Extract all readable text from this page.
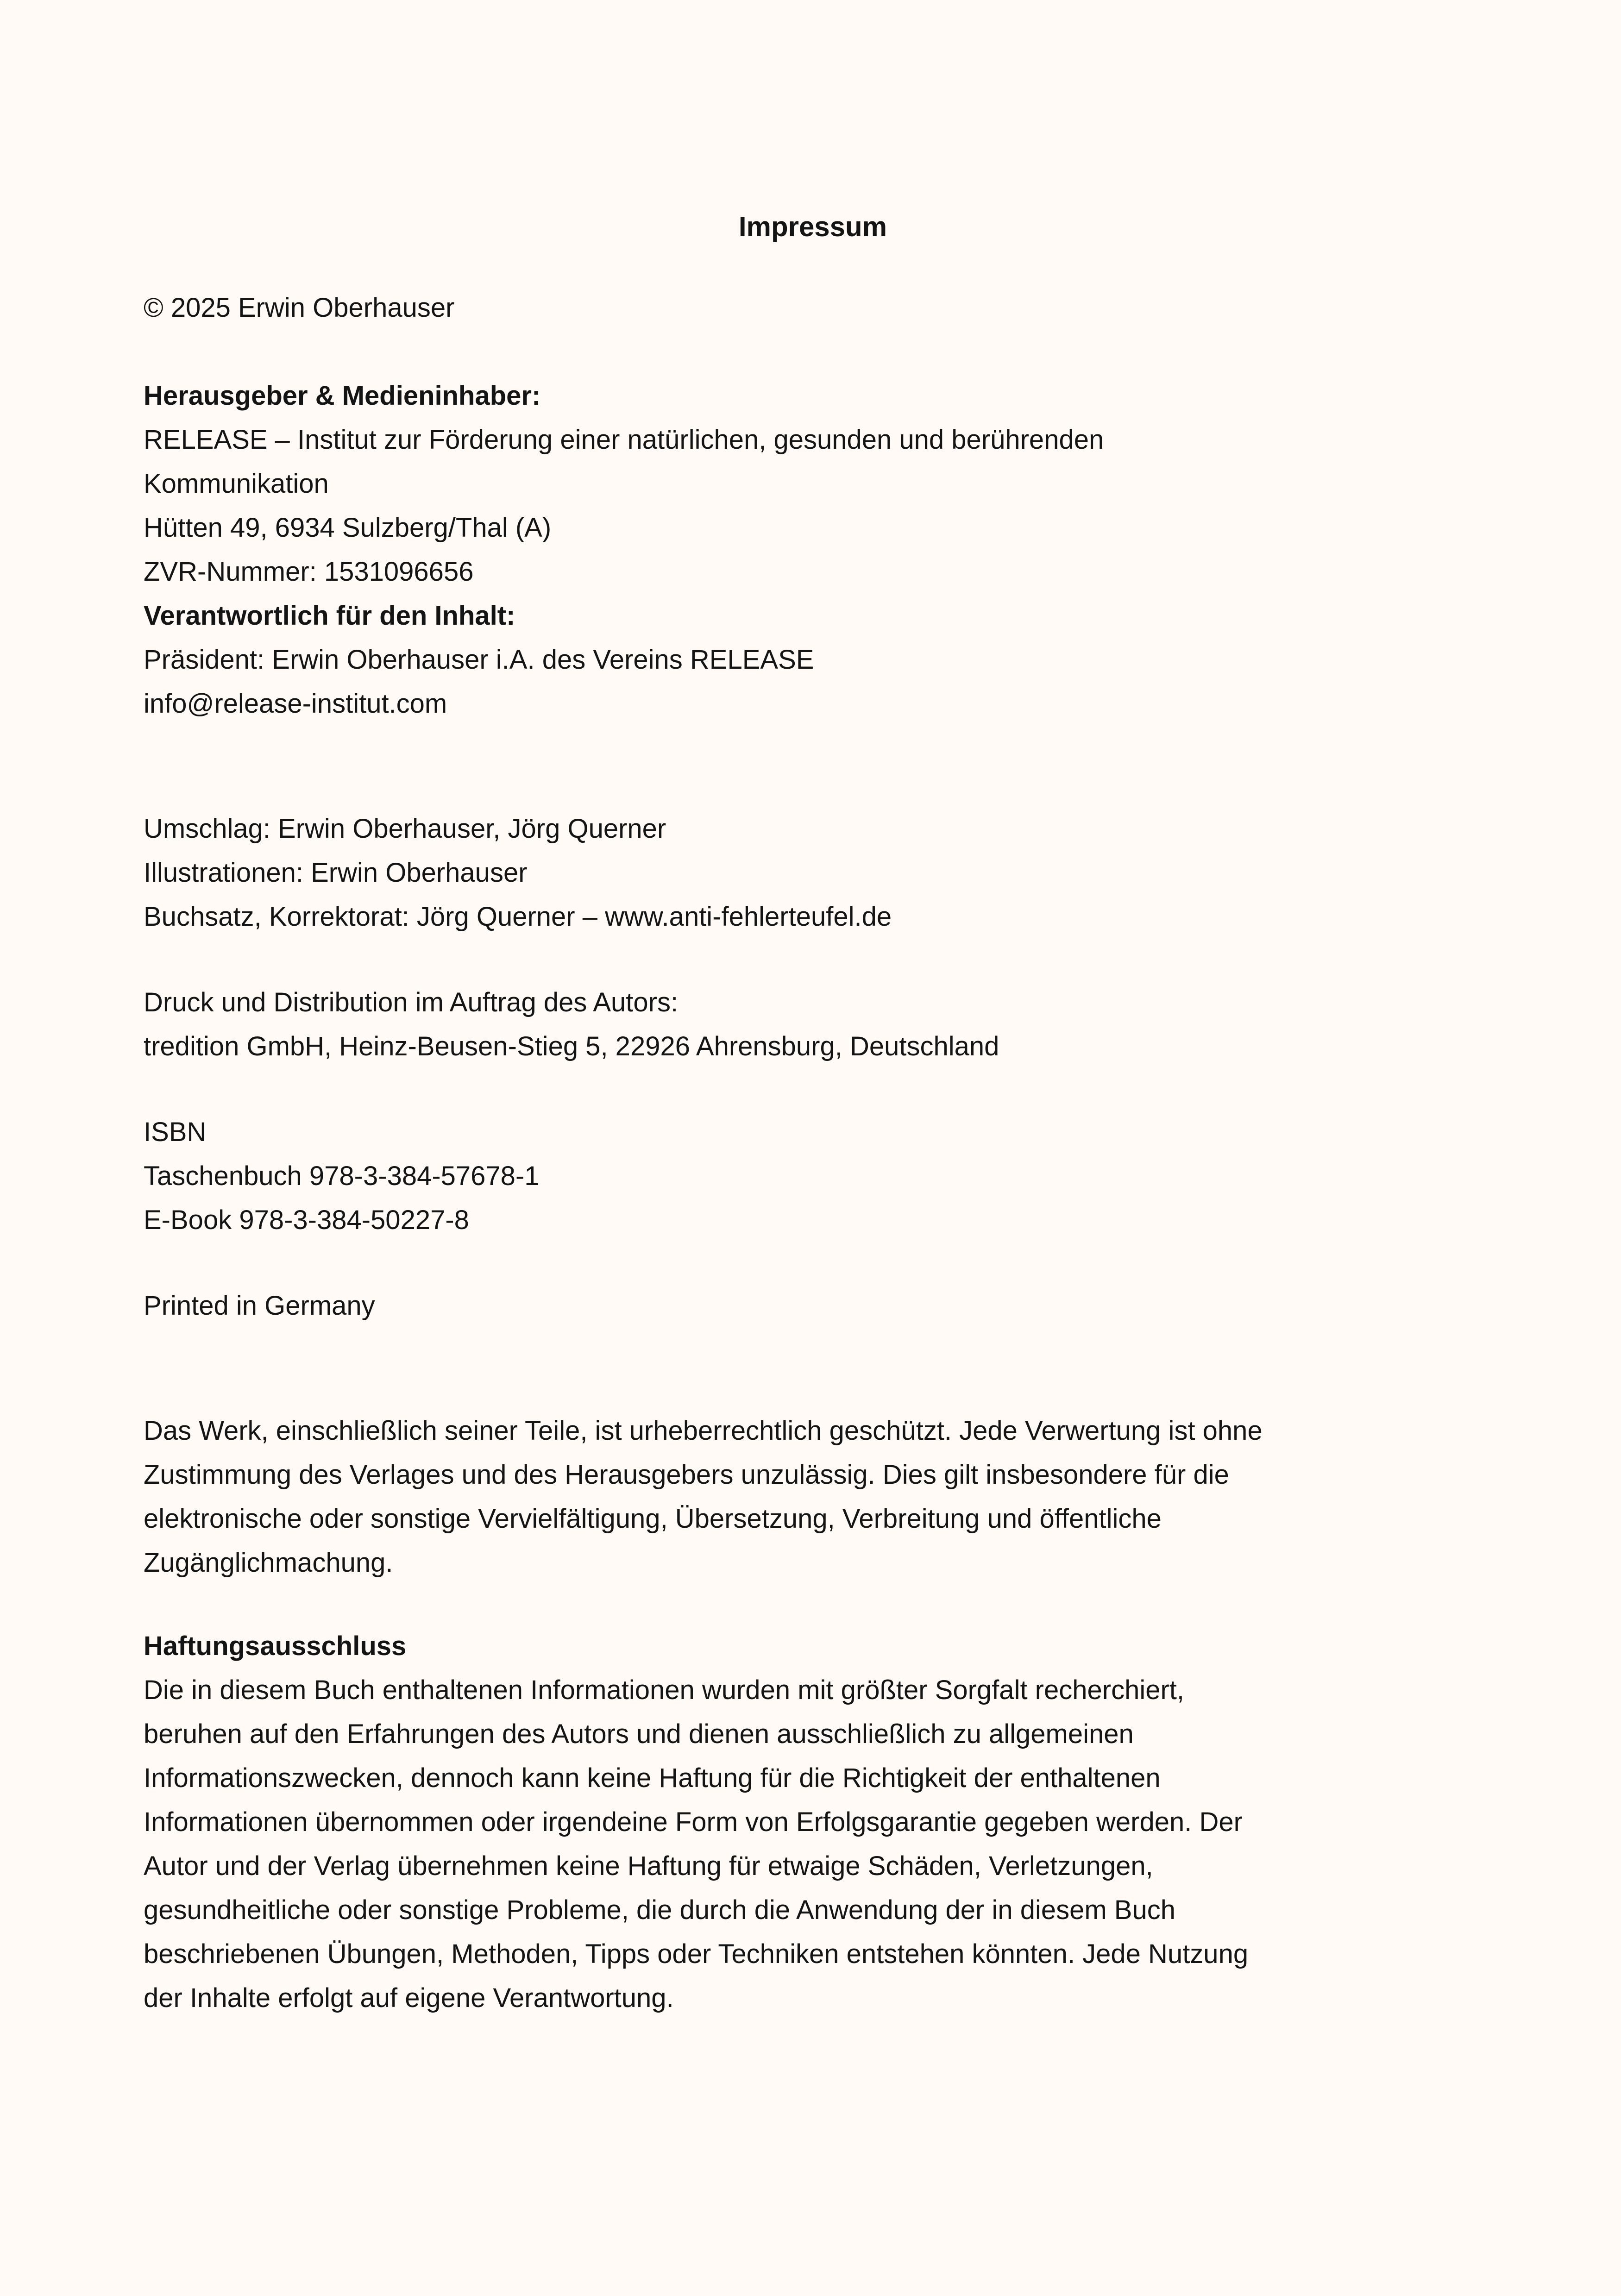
Impressum
© 2025 Erwin Oberhauser
Herausgeber & Medieninhaber:
RELEASE – Institut zur Förderung einer natürlichen, gesunden und berührenden
Kommunikation
Hütten 49, 6934 Sulzberg/Thal (A)
ZVR-Nummer: 1531096656
Verantwortlich für den Inhalt:
Präsident: Erwin Oberhauser i.A. des Vereins RELEASE
info@release-institut.com
Umschlag: Erwin Oberhauser, Jörg Querner
Illustrationen: Erwin Oberhauser
Buchsatz, Korrektorat: Jörg Querner – www.anti-fehlerteufel.de
Druck und Distribution im Auftrag des Autors:
tredition GmbH, Heinz-Beusen-Stieg 5, 22926 Ahrensburg, Deutschland
ISBN
Taschenbuch 978-3-384-57678-1
E-Book 978-3-384-50227-8
Printed in Germany
Das Werk, einschließlich seiner Teile, ist urheberrechtlich geschützt. Jede Verwertung ist ohne
Zustimmung des Verlages und des Herausgebers unzulässig. Dies gilt insbesondere für die
elektronische oder sonstige Vervielfältigung, Übersetzung, Verbreitung und öffentliche
Zugänglichmachung.
Haftungsausschluss
Die in diesem Buch enthaltenen Informationen wurden mit größter Sorgfalt recherchiert,
beruhen auf den Erfahrungen des Autors und dienen ausschließlich zu allgemeinen
Informationszwecken, dennoch kann keine Haftung für die Richtigkeit der enthaltenen
Informationen übernommen oder irgendeine Form von Erfolgsgarantie gegeben werden. Der
Autor und der Verlag übernehmen keine Haftung für etwaige Schäden, Verletzungen,
gesundheitliche oder sonstige Probleme, die durch die Anwendung der in diesem Buch
beschriebenen Übungen, Methoden, Tipps oder Techniken entstehen könnten. Jede Nutzung
der Inhalte erfolgt auf eigene Verantwortung.
